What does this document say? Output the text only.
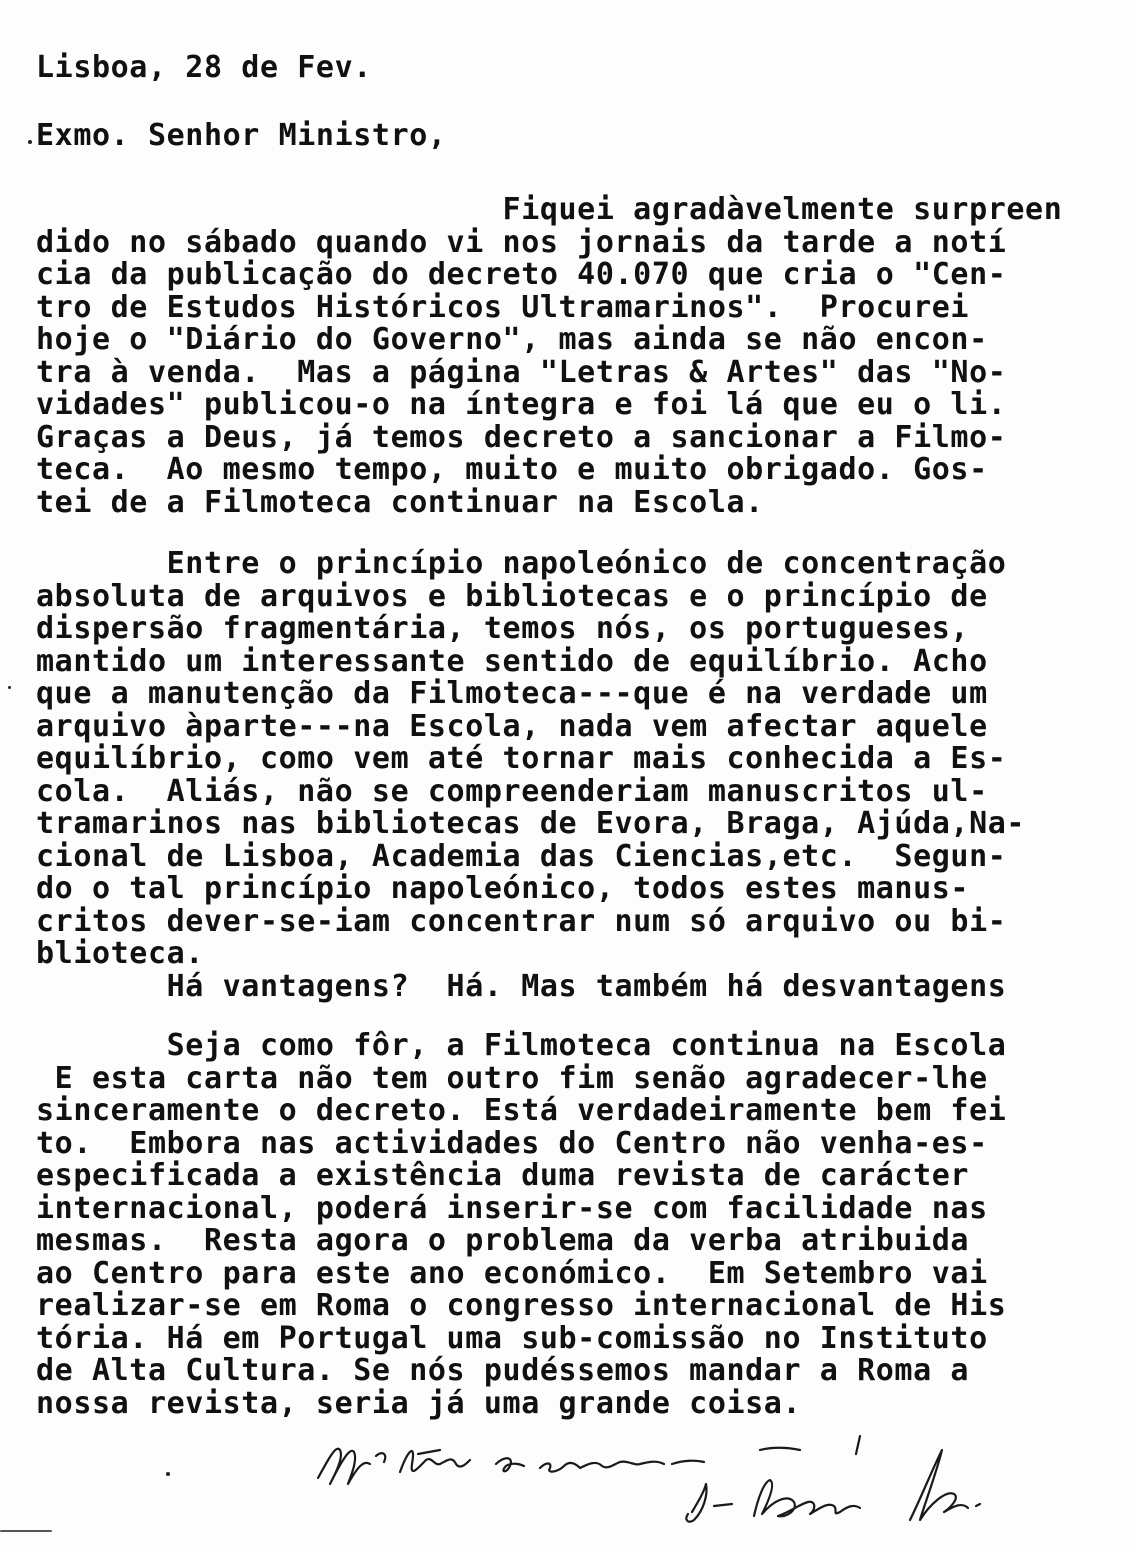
Lisboa, 28 de Fev.
Exmo. Senhor Ministro,
Fiquei agradàvelmente surpreen
dido no sábado quando vi nos jornais da tarde a notí
cia da publicação do decreto 40.070 que cria o "Cen-
tro de Estudos Históricos Ultramarinos".  Procurei
hoje o "Diário do Governo", mas ainda se não encon-
tra à venda.  Mas a página "Letras & Artes" das "No-
vidades" publicou-o na íntegra e foi lá que eu o li.
Graças a Deus, já temos decreto a sancionar a Filmo-
teca.  Ao mesmo tempo, muito e muito obrigado. Gos-
tei de a Filmoteca continuar na Escola.
Entre o princípio napoleónico de concentração
absoluta de arquivos e bibliotecas e o princípio de
dispersão fragmentária, temos nós, os portugueses,
mantido um interessante sentido de equilíbrio. Acho
que a manutenção da Filmoteca---que é na verdade um
arquivo àparte---na Escola, nada vem afectar aquele
equilíbrio, como vem até tornar mais conhecida a Es-
cola.  Aliás, não se compreenderiam manuscritos ul-
tramarinos nas bibliotecas de Evora, Braga, Ajúda,Na-
cional de Lisboa, Academia das Ciencias,etc.  Segun-
do o tal princípio napoleónico, todos estes manus-
critos dever-se-iam concentrar num só arquivo ou bi-
blioteca.
Há vantagens?  Há. Mas também há desvantagens
Seja como fôr, a Filmoteca continua na Escola
E esta carta não tem outro fim senão agradecer-lhe
sinceramente o decreto. Está verdadeiramente bem fei
to.  Embora nas actividades do Centro não venha-es-
especificada a existência duma revista de carácter
internacional, poderá inserir-se com facilidade nas
mesmas.  Resta agora o problema da verba atribuida
ao Centro para este ano económico.  Em Setembro vai
realizar-se em Roma o congresso internacional de His
tória. Há em Portugal uma sub-comissão no Instituto
de Alta Cultura. Se nós pudéssemos mandar a Roma a
nossa revista, seria já uma grande coisa.
